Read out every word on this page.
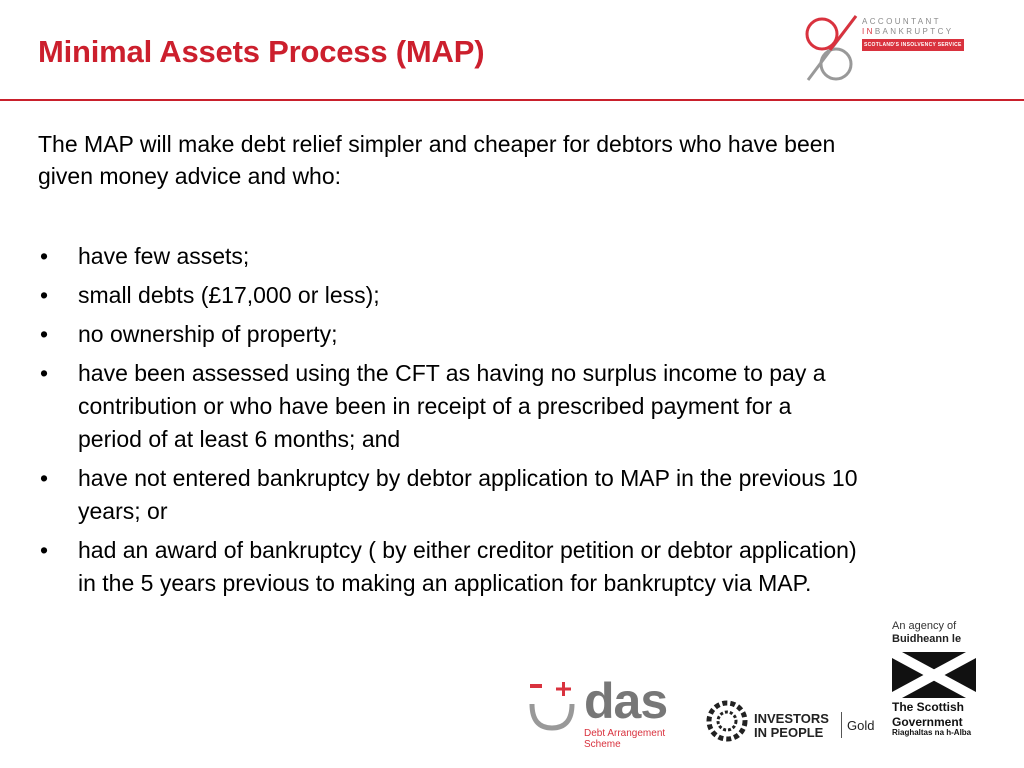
Minimal Assets Process (MAP)
ACCOUNTANT
INBANKRUPTCY
SCOTLAND'S INSOLVENCY SERVICE

The MAP will make debt relief simpler and cheaper for debtors who have been given money advice and who:

• have few assets;
• small debts (£17,000 or less);
• no ownership of property;
• have been assessed using the CFT as having no surplus income to pay a contribution or who have been in receipt of a prescribed payment for a period of at least 6 months; and
• have not entered bankruptcy by debtor application to MAP in the previous 10 years; or
• had an award of bankruptcy ( by either creditor petition or debtor application) in the 5 years previous to making an application for bankruptcy via MAP.
das
Debt Arrangement
Scheme
INVESTORS
IN PEOPLE	Gold
An agency of
Buidheann le
The Scottish
Government
Riaghaltas na h-Alba
